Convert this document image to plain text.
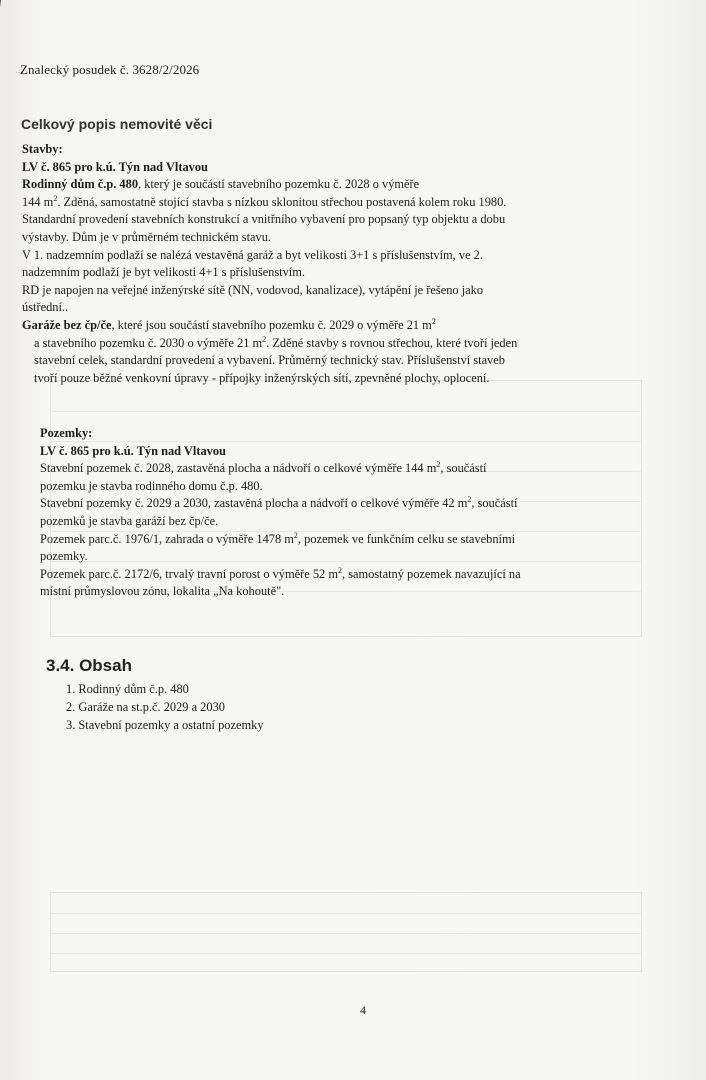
Znalecký posudek č. 3628/2/2026
Celkový popis nemovité věci

Stavby:

LV č. 865 pro k.ú. Týn nad Vltavou

Rodinný dům č.p. 480, který je součástí stavebního pozemku č. 2028 o výměře

144 $m^2$. Zděná, samostatně stojící stavba s nízkou sklonitou střechou postavená kolem roku 1980.

Standardní provedení stavebních konstrukcí a vnitřního vybavení pro popsaný typ objektu a dobu

výstavby. Dům je v průměrném technickém stavu.

V 1. nadzemním podlaží se nalézá vestavěná garáž a byt velikosti 3+1 s příslušenstvím, ve 2.

nadzemním podlaží je byt velikosti 4+1 s příslušenstvím.

RD je napojen na veřejné inženýrské sítě (NN, vodovod, kanalizace), vytápění je řešeno jako

ústřední..

Garáže bez čp/če, které jsou součástí stavebního pozemku č. 2029 o výměře 21 $m^2$

a stavebního pozemku č. 2030 o výměře 21 $m^2$. Zděné stavby s rovnou střechou, které tvoří jeden

stavební celek, standardní provedení a vybavení. Průměrný technický stav. Příslušenství staveb

tvoří pouze běžné venkovní úpravy - přípojky inženýrských sítí, zpevněné plochy, oplocení.

Pozemky:

LV č. 865 pro k.ú. Týn nad Vltavou

Stavební pozemek č. 2028, zastavěná plocha a nádvoří o celkové výměře 144 $m^2$, součástí

pozemku je stavba rodinného domu č.p. 480.

Stavební pozemky č. 2029 a 2030, zastavěná plocha a nádvoří o celkové výměře 42 $m^2$, součástí

pozemků je stavba garáží bez čp/če.

Pozemek parc.č. 1976/1, zahrada o výměře 1478 $m^2$, pozemek ve funkčním celku se stavebními

pozemky.

Pozemek parc.č. 2172/6, trvalý travní porost o výměře 52 $m^2$, samostatný pozemek navazující na

místní průmyslovou zónu, lokalita „Na kohoutě".

3.4. Obsah
1. Rodinný dům č.p. 480
2. Garáže na st.p.č. 2029 a 2030
3. Stavební pozemky a ostatní pozemky
4
